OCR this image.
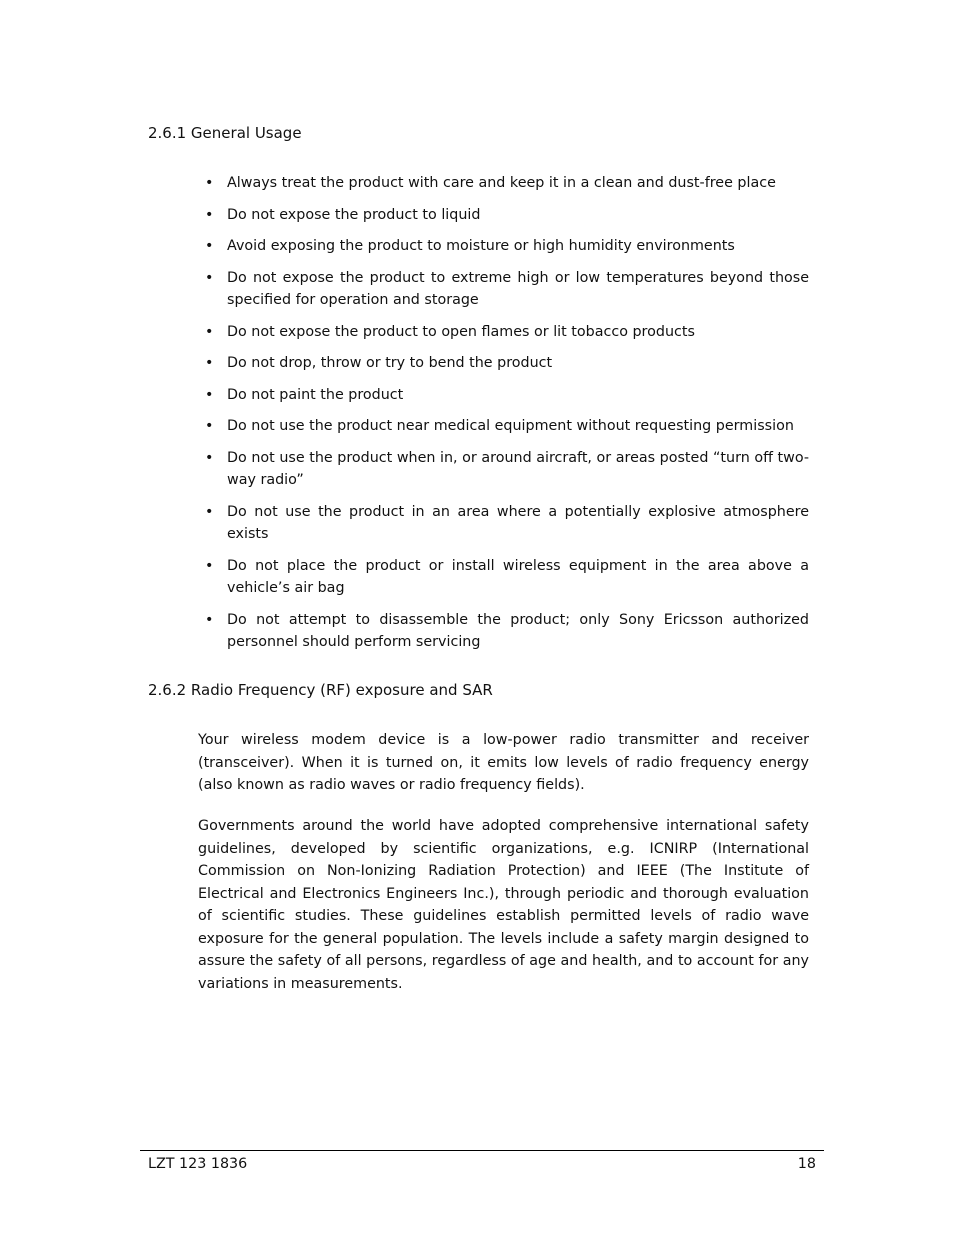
2.6.1 General Usage
• Always treat the product with care and keep it in a clean and dust-free place
• Do not expose the product to liquid
• Avoid exposing the product to moisture or high humidity environments
• Do not expose the product to extreme high or low temperatures beyond those specified for operation and storage
• Do not expose the product to open flames or lit tobacco products
• Do not drop, throw or try to bend the product
• Do not paint the product
• Do not use the product near medical equipment without requesting permission
• Do not use the product when in, or around aircraft, or areas posted “turn off two-way radio”
• Do not use the product in an area where a potentially explosive atmosphere exists
• Do not place the product or install wireless equipment in the area above a vehicle’s air bag
• Do not attempt to disassemble the product; only Sony Ericsson authorized personnel should perform servicing
2.6.2 Radio Frequency (RF) exposure and SAR

Your wireless modem device is a low-power radio transmitter and receiver (transceiver). When it is turned on, it emits low levels of radio frequency energy (also known as radio waves or radio frequency fields).

Governments around the world have adopted comprehensive international safety guidelines, developed by scientific organizations, e.g. ICNIRP (International Commission on Non-Ionizing Radiation Protection) and IEEE (The Institute of Electrical and Electronics Engineers Inc.), through periodic and thorough evaluation of scientific studies. These guidelines establish permitted levels of radio wave exposure for the general population. The levels include a safety margin designed to assure the safety of all persons, regardless of age and health, and to account for any variations in measurements.

LZT 123 1836	18
